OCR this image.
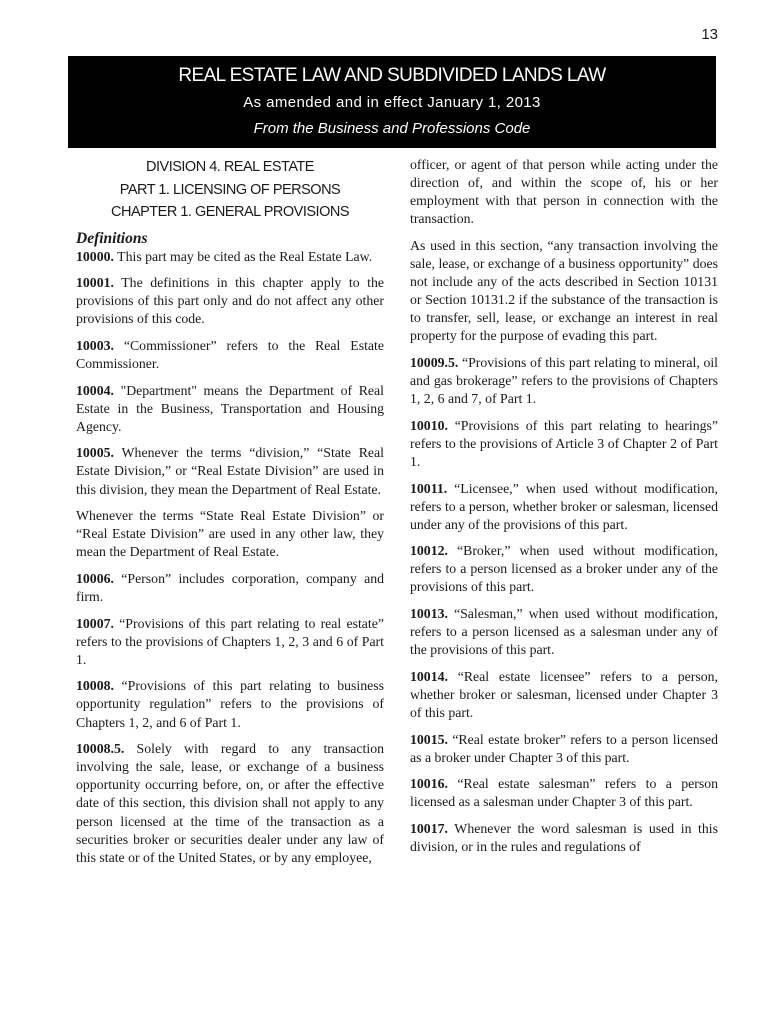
13
REAL ESTATE LAW AND SUBDIVIDED LANDS LAW
As amended and in effect January 1, 2013
From the Business and Professions Code
DIVISION 4. REAL ESTATE
PART 1. LICENSING OF PERSONS
CHAPTER 1. GENERAL PROVISIONS
Definitions

10000. This part may be cited as the Real Estate Law.

10001. The definitions in this chapter apply to the provisions of this part only and do not affect any other provisions of this code.

10003. “Commissioner” refers to the Real Estate Commissioner.

10004. "Department" means the Department of Real Estate in the Business, Transportation and Housing Agency.

10005. Whenever the terms “division,” “State Real Estate Division,” or “Real Estate Division” are used in this division, they mean the Department of Real Estate.

Whenever the terms “State Real Estate Division” or “Real Estate Division” are used in any other law, they mean the Department of Real Estate.

10006. “Person” includes corporation, company and firm.

10007. “Provisions of this part relating to real estate” refers to the provisions of Chapters 1, 2, 3 and 6 of Part 1.

10008. “Provisions of this part relating to business opportunity regulation” refers to the provisions of Chapters 1, 2, and 6 of Part 1.

10008.5. Solely with regard to any transaction involving the sale, lease, or exchange of a business opportunity occurring before, on, or after the effective date of this section, this division shall not apply to any person licensed at the time of the transaction as a securities broker or securities dealer under any law of this state or of the United States, or by any employee,

officer, or agent of that person while acting under the direction of, and within the scope of, his or her employment with that person in connection with the transaction.

As used in this section, “any transaction involving the sale, lease, or exchange of a business opportunity” does not include any of the acts described in Section 10131 or Section 10131.2 if the substance of the transaction is to transfer, sell, lease, or exchange an interest in real property for the purpose of evading this part.

10009.5. “Provisions of this part relating to mineral, oil and gas brokerage” refers to the provisions of Chapters 1, 2, 6 and 7, of Part 1.

10010. “Provisions of this part relating to hearings” refers to the provisions of Article 3 of Chapter 2 of Part 1.

10011. “Licensee,” when used without modification, refers to a person, whether broker or salesman, licensed under any of the provisions of this part.

10012. “Broker,” when used without modification, refers to a person licensed as a broker under any of the provisions of this part.

10013. “Salesman,” when used without modification, refers to a person licensed as a salesman under any of the provisions of this part.

10014. “Real estate licensee” refers to a person, whether broker or salesman, licensed under Chapter 3 of this part.

10015. “Real estate broker” refers to a person licensed as a broker under Chapter 3 of this part.

10016. “Real estate salesman” refers to a person licensed as a salesman under Chapter 3 of this part.

10017. Whenever the word salesman is used in this division, or in the rules and regulations of
